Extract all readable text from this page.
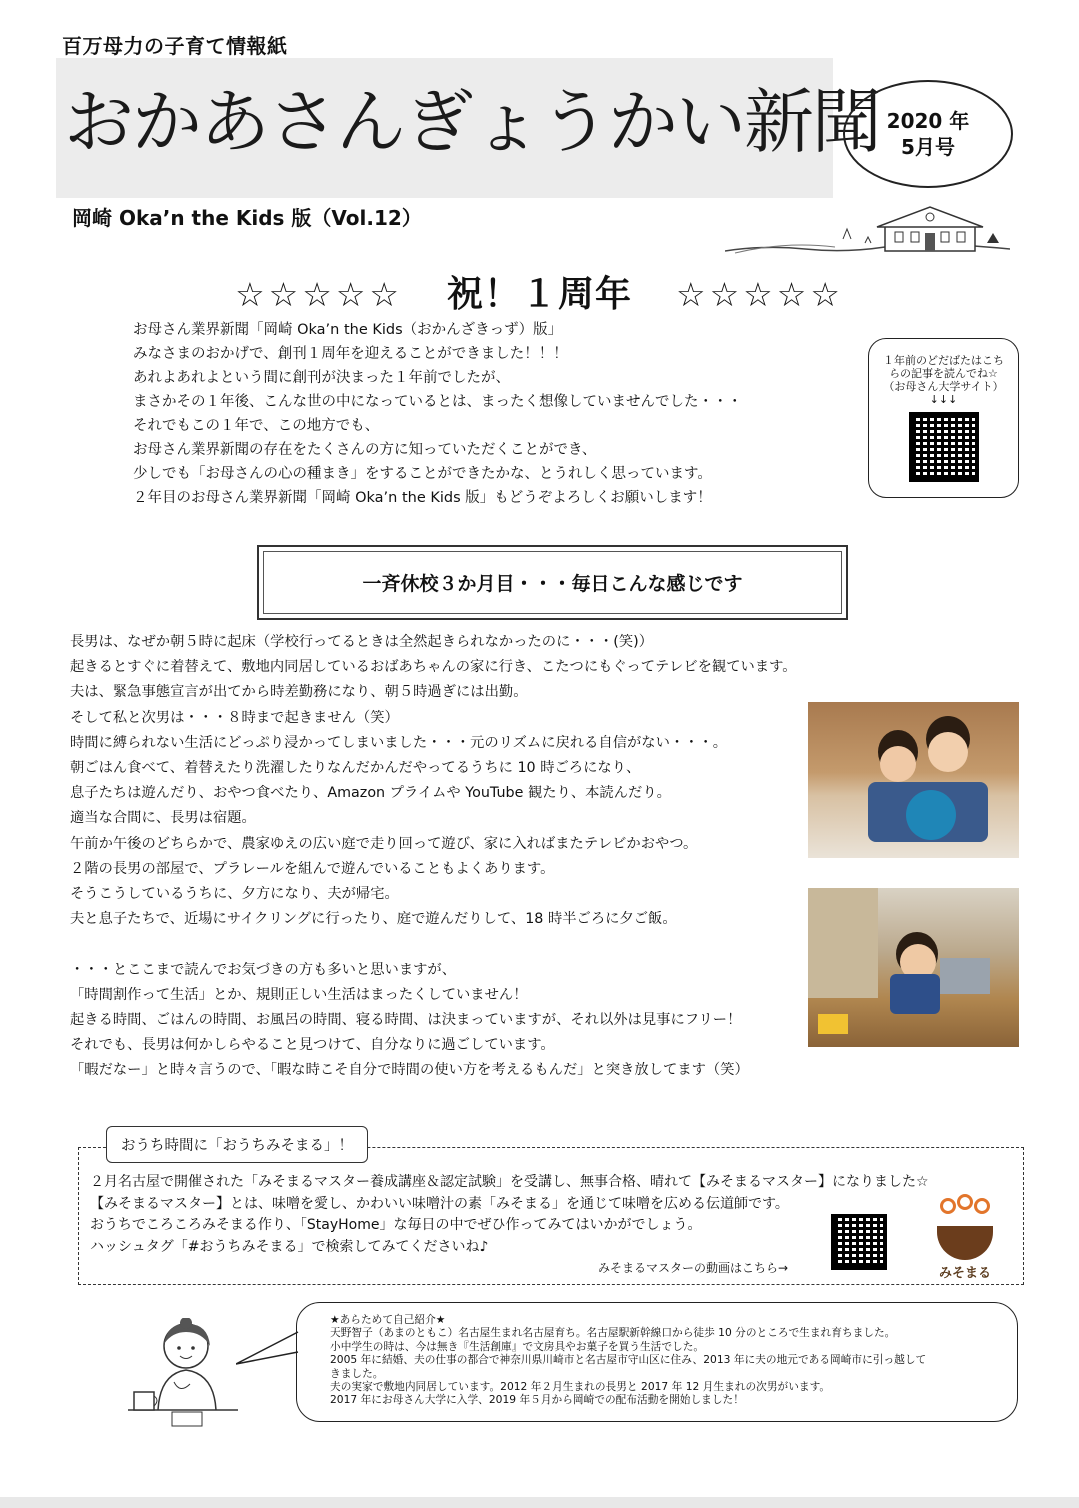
百万母力の子育て情報紙
おかあさんぎょうかい新聞 2020 年
5月号
岡崎 Oka’n the Kids 版（Vol.12）
☆☆☆☆☆ 祝！１周年 ☆☆☆☆☆

お母さん業界新聞「岡崎 Oka’n the Kids（おかんざきっず）版」

みなさまのおかげで、創刊１周年を迎えることができました！！！

あれよあれよという間に創刊が決まった１年前でしたが、

まさかその１年後、こんな世の中になっているとは、まったく想像していませんでした・・・

それでもこの１年で、この地方でも、

お母さん業界新聞の存在をたくさんの方に知っていただくことができ、

少しでも「お母さんの心の種まき」をすることができたかな、とうれしく思っています。

２年目のお母さん業界新聞「岡崎 Oka’n the Kids 版」もどうぞよろしくお願いします！

１年前のどだばたはこち
らの記事を読んでね☆
（お母さん大学サイト）
↓↓↓
一斉休校３か月目・・・毎日こんな感じです

長男は、なぜか朝５時に起床（学校行ってるときは全然起きられなかったのに・・・(笑)）

起きるとすぐに着替えて、敷地内同居しているおばあちゃんの家に行き、こたつにもぐってテレビを観ています。

夫は、緊急事態宣言が出てから時差勤務になり、朝５時過ぎには出勤。

そして私と次男は・・・８時まで起きません（笑）

時間に縛られない生活にどっぷり浸かってしまいました・・・元のリズムに戻れる自信がない・・・。

朝ごはん食べて、着替えたり洗濯したりなんだかんだやってるうちに 10 時ごろになり、

息子たちは遊んだり、おやつ食べたり、Amazon プライムや YouTube 観たり、本読んだり。

適当な合間に、長男は宿題。

午前か午後のどちらかで、農家ゆえの広い庭で走り回って遊び、家に入ればまたテレビかおやつ。

２階の長男の部屋で、プラレールを組んで遊んでいることもよくあります。

そうこうしているうちに、夕方になり、夫が帰宅。

夫と息子たちで、近場にサイクリングに行ったり、庭で遊んだりして、18 時半ごろに夕ご飯。

・・・とここまで読んでお気づきの方も多いと思いますが、

「時間割作って生活」とか、規則正しい生活はまったくしていません！

起きる時間、ごはんの時間、お風呂の時間、寝る時間、は決まっていますが、それ以外は見事にフリー！

それでも、長男は何かしらやること見つけて、自分なりに過ごしています。

「暇だなー」と時々言うので、「暇な時こそ自分で時間の使い方を考えるもんだ」と突き放してます（笑）

おうち時間に「おうちみそまる」！

２月名古屋で開催された「みそまるマスター養成講座＆認定試験」を受講し、無事合格、晴れて【みそまるマスター】になりました☆

【みそまるマスター】とは、味噌を愛し、かわいい味噌汁の素「みそまる」を通じて味噌を広める伝道師です。

おうちでころころみそまる作り、「StayHome」な毎日の中でぜひ作ってみてはいかがでしょう。

ハッシュタグ「#おうちみそまる」で検索してみてくださいね♪

みそまるマスターの動画はこちら→	みそまる

★あらためて自己紹介★

天野智子（あまのともこ）名古屋生まれ名古屋育ち。名古屋駅新幹線口から徒歩 10 分のところで生まれ育ちました。

小中学生の時は、今は無き『生活創庫』で文房具やお菓子を買う生活でした。

2005 年に結婚、夫の仕事の都合で神奈川県川崎市と名古屋市守山区に住み、2013 年に夫の地元である岡崎市に引っ越して

きました。

夫の実家で敷地内同居しています。2012 年２月生まれの長男と 2017 年 12 月生まれの次男がいます。

2017 年にお母さん大学に入学、2019 年５月から岡崎での配布活動を開始しました！
